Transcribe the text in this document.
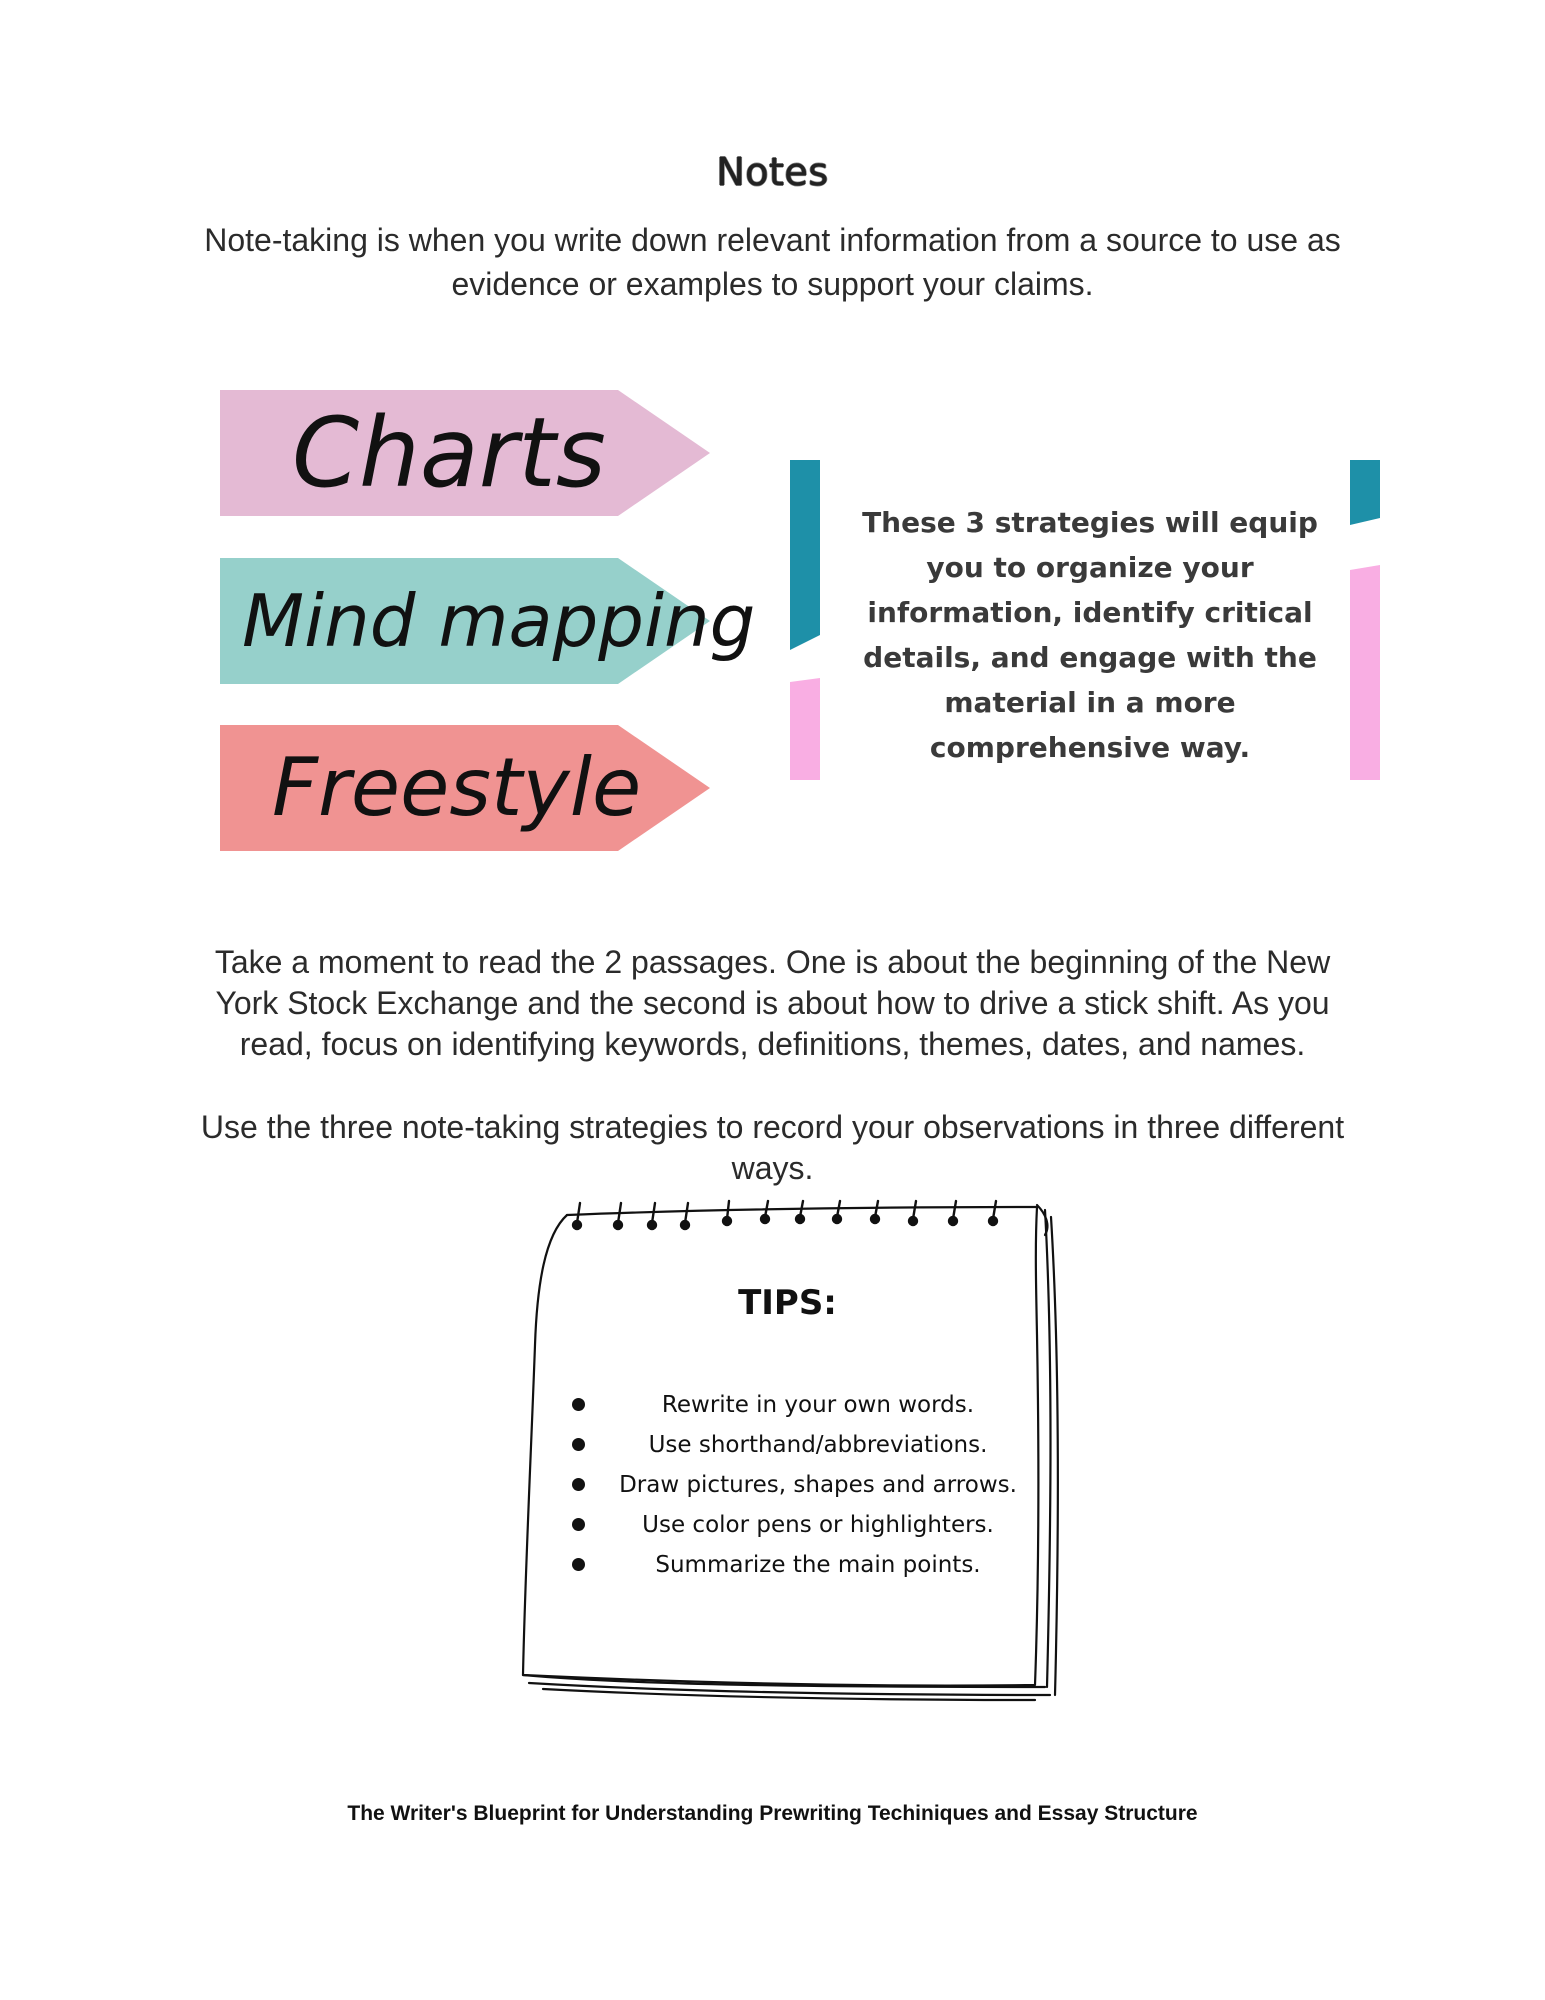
Notes
Note-taking is when you write down relevant information from a source to use as evidence or examples to support your claims.
Charts
Mind mapping
Freestyle
These 3 strategies will equip you to organize your information, identify critical details, and engage with the material in a more comprehensive way.
Take a moment to read the 2 passages. One is about the beginning of the New York Stock Exchange and the second is about how to drive a stick shift. As you read, focus on identifying keywords, definitions, themes, dates, and names.
Use the three note-taking strategies to record your observations in three different ways.
TIPS:
Rewrite in your own words.
Use shorthand/abbreviations.
Draw pictures, shapes and arrows.
Use color pens or highlighters.
Summarize the main points.
The Writer's Blueprint for Understanding Prewriting Techiniques and Essay Structure
